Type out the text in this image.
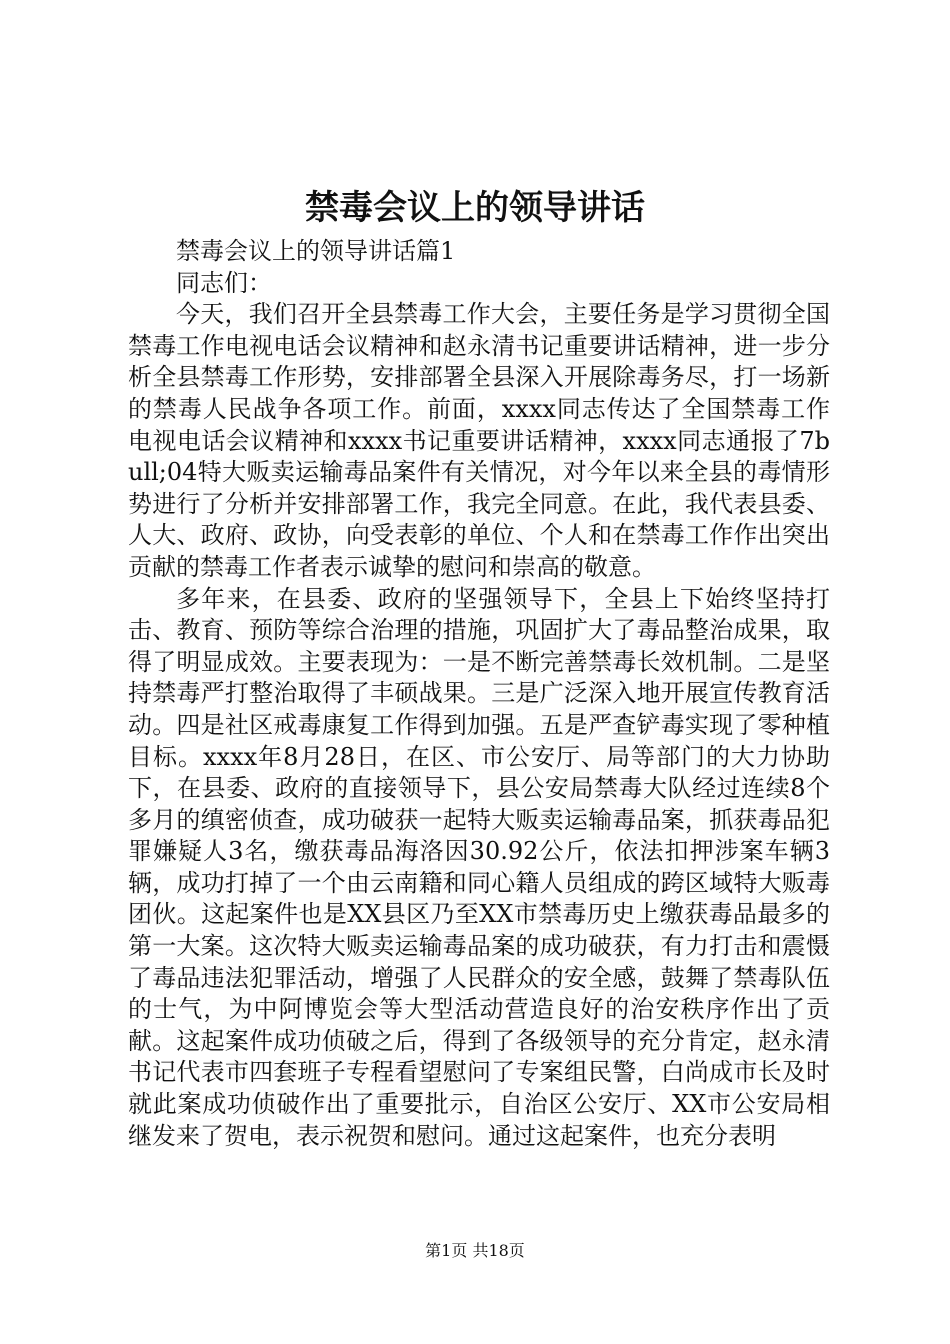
禁毒会议上的领导讲话

禁毒会议上的领导讲话篇1

同志们：

今天，我们召开全县禁毒工作大会，主要任务是学习贯彻全国禁毒工作电视电话会议精神和赵永清书记重要讲话精神，进一步分析全县禁毒工作形势，安排部署全县深入开展除毒务尽，打一场新的禁毒人民战争各项工作。前面，xxxx同志传达了全国禁毒工作电视电话会议精神和xxxx书记重要讲话精神，xxxx同志通报了7bull;04特大贩卖运输毒品案件有关情况，对今年以来全县的毒情形势进行了分析并安排部署工作，我完全同意。在此，我代表县委、人大、政府、政协，向受表彰的单位、个人和在禁毒工作作出突出贡献的禁毒工作者表示诚挚的慰问和崇高的敬意。

多年来，在县委、政府的坚强领导下，全县上下始终坚持打击、教育、预防等综合治理的措施，巩固扩大了毒品整治成果，取得了明显成效。主要表现为：一是不断完善禁毒长效机制。二是坚持禁毒严打整治取得了丰硕战果。三是广泛深入地开展宣传教育活动。四是社区戒毒康复工作得到加强。五是严查铲毒实现了零种植目标。xxxx年8月28日，在区、市公安厅、局等部门的大力协助下，在县委、政府的直接领导下，县公安局禁毒大队经过连续8个多月的缜密侦查，成功破获一起特大贩卖运输毒品案，抓获毒品犯罪嫌疑人3名，缴获毒品海洛因30.92公斤，依法扣押涉案车辆3辆，成功打掉了一个由云南籍和同心籍人员组成的跨区域特大贩毒团伙。这起案件也是XX县区乃至XX市禁毒历史上缴获毒品最多的第一大案。这次特大贩卖运输毒品案的成功破获，有力打击和震慑了毒品违法犯罪活动，增强了人民群众的安全感，鼓舞了禁毒队伍的士气，为中阿博览会等大型活动营造良好的治安秩序作出了贡献。这起案件成功侦破之后，得到了各级领导的充分肯定，赵永清书记代表市四套班子专程看望慰问了专案组民警，白尚成市长及时就此案成功侦破作出了重要批示，自治区公安厅、XX市公安局相继发来了贺电，表示祝贺和慰问。通过这起案件，也充分表明

第1页 共18页
